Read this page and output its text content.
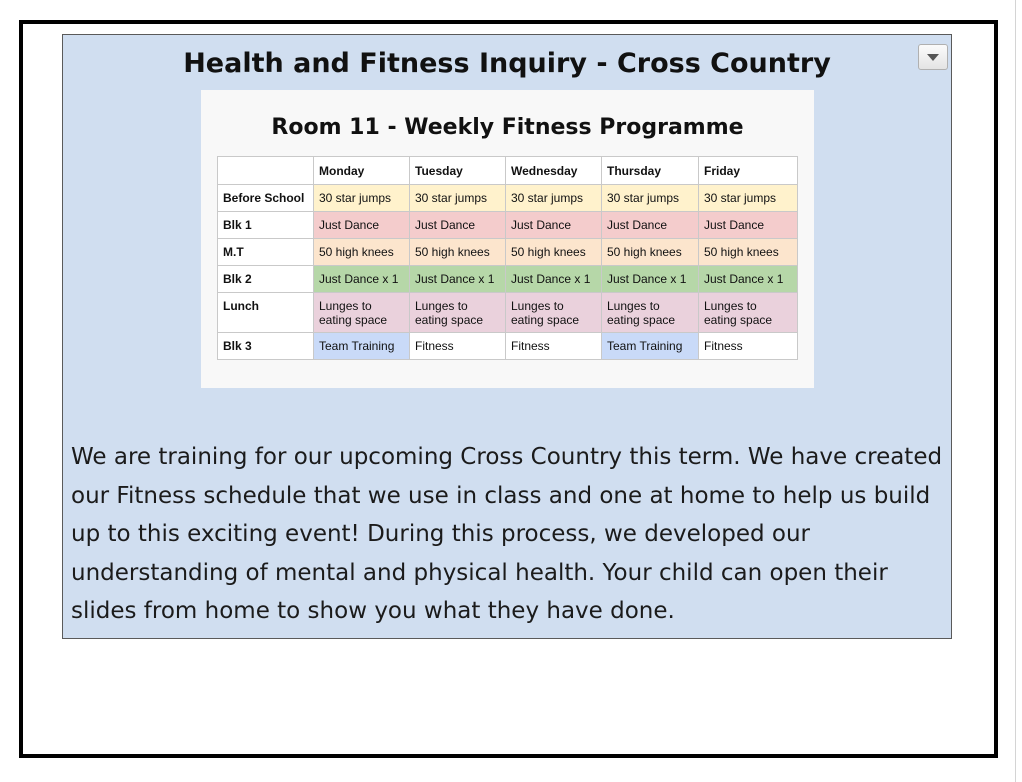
Health and Fitness Inquiry - Cross Country
Room 11 - Weekly Fitness Programme
	Monday	Tuesday	Wednesday	Thursday	Friday
Before School	30 star jumps	30 star jumps	30 star jumps	30 star jumps	30 star jumps
Blk 1	Just Dance	Just Dance	Just Dance	Just Dance	Just Dance
M.T	50 high knees	50 high knees	50 high knees	50 high knees	50 high knees
Blk 2	Just Dance x 1	Just Dance x 1	Just Dance x 1	Just Dance x 1	Just Dance x 1
Lunch	Lunges to eating space	Lunges to eating space	Lunges to eating space	Lunges to eating space	Lunges to eating space
Blk 3	Team Training	Fitness	Fitness	Team Training	Fitness

We are training for our upcoming Cross Country this term. We have created our Fitness schedule that we use in class and one at home to help us build up to this exciting event! During this process, we developed our understanding of mental and physical health. Your child can open their slides from home to show you what they have done.
